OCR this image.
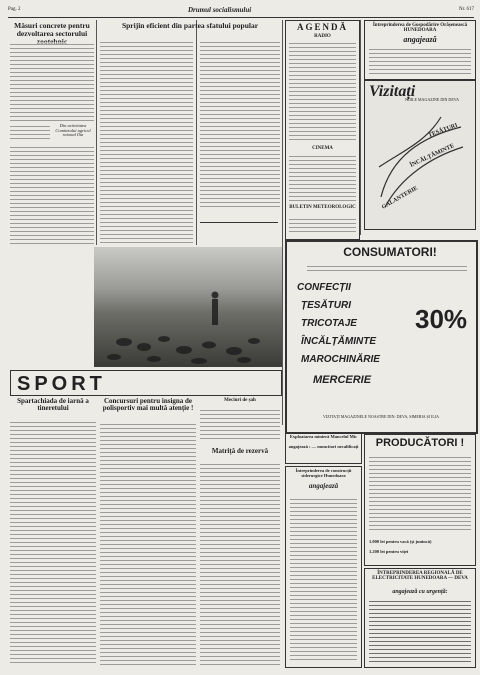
Pag. 2	Drumul socialismului	Nr. 617
Măsuri concrete pentru dezvoltarea sectorului
Din activitatea Comitetului agricol raional Ilia
Sprijin eficient din partea sfatului popular	AGENDĂ
RADIO
CINEMA
BULETIN METEOROLOGIC
Întreprinderea de Gospodărire Orășenească HUNEDOARA
angajează
Vizitați
NOILE MAGAZINE DIN DEVA
GALANTERIE
ÎNCĂLȚĂMINTE
ȚESĂTURI
CONSUMATORI!
CONFECȚII
ȚESĂTURI
TRICOTAJE
ÎNCĂLȚĂMINTE
MAROCHINĂRIE
MERCERIE
30%
VIZITAȚI MAGAZINELE NOASTRE DIN: DEVA, SIMERIA ȘI ILIA
SPORT
Spartachiada de iarnă a tineretului
Concursuri pentru insigna de polisportiv mai multă atenție !
Meciuri de șah
Matriță de rezervă
Exploatarea minieră Mancelul Mic
angajează : — muncitori necalificați
Întreprinderea de construcții siderurgice Hunedoara
angajează
PRODUCĂTORI !
1.000 lei pentru vacă (și junincă)
1.200 lei pentru viței
ÎNTREPRINDEREA REGIONALĂ DE ELECTRICITATE HUNEDOARA — DEVA
angajează cu urgență:
